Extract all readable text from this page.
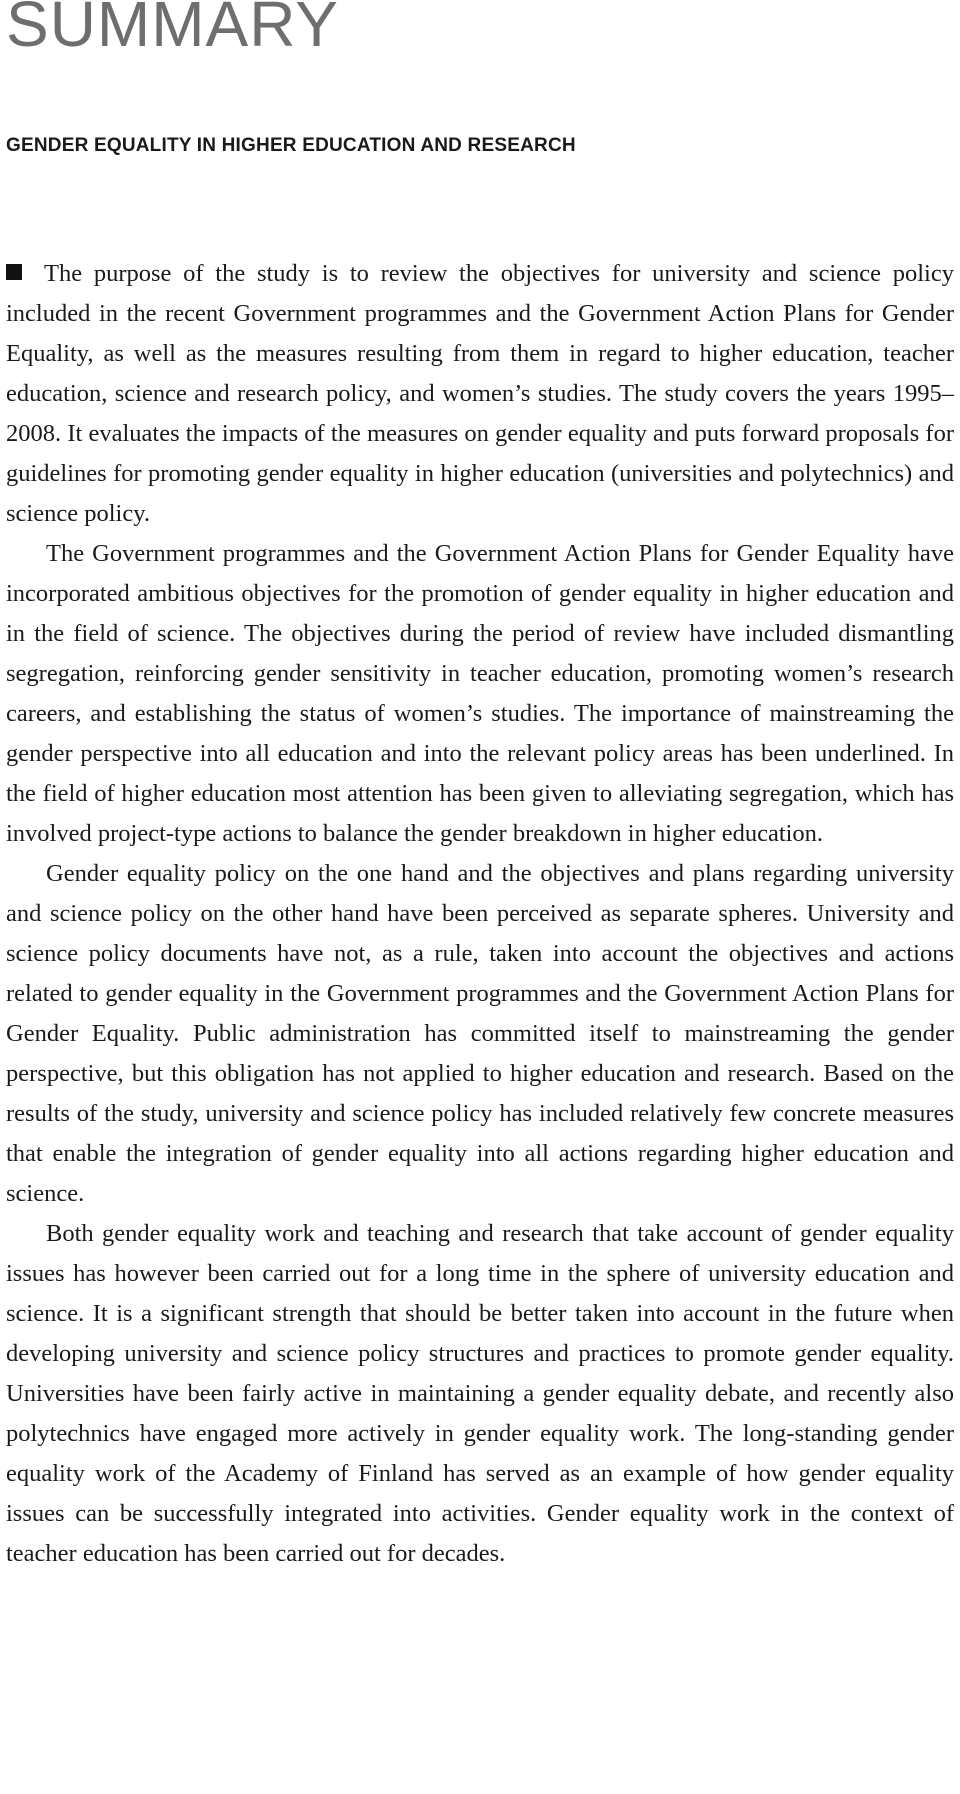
SUMMARY
GENDER EQUALITY IN HIGHER EDUCATION AND RESEARCH

The purpose of the study is to review the objectives for university and science policy included in the recent Government programmes and the Government Action Plans for Gender Equality, as well as the measures resulting from them in regard to higher education, teacher education, science and research policy, and women’s studies. The study covers the years 1995–2008. It evaluates the impacts of the measures on gender equality and puts forward proposals for guidelines for promoting gender equality in higher education (universities and polytechnics) and science policy.

The Government programmes and the Government Action Plans for Gender Equality have incorporated ambitious objectives for the promotion of gender equality in higher education and in the field of science. The objectives during the period of review have included dismantling segregation, reinforcing gender sensitivity in teacher education, promoting women’s research careers, and establishing the status of women’s studies. The importance of mainstreaming the gender perspective into all education and into the relevant policy areas has been underlined. In the field of higher education most attention has been given to alleviating segregation, which has involved project-type actions to balance the gender breakdown in higher education.

Gender equality policy on the one hand and the objectives and plans regarding university and science policy on the other hand have been perceived as separate spheres. University and science policy documents have not, as a rule, taken into account the objectives and actions related to gender equality in the Government programmes and the Government Action Plans for Gender Equality. Public administration has committed itself to mainstreaming the gender perspective, but this obligation has not applied to higher education and research. Based on the results of the study, university and science policy has included relatively few concrete measures that enable the integration of gender equality into all actions regarding higher education and science.

Both gender equality work and teaching and research that take account of gender equality issues has however been carried out for a long time in the sphere of university education and science. It is a significant strength that should be better taken into account in the future when developing university and science policy structures and practices to promote gender equality. Universities have been fairly active in maintaining a gender equality debate, and recently also polytechnics have engaged more actively in gender equality work. The long-standing gender equality work of the Academy of Finland has served as an example of how gender equality issues can be successfully integrated into activities. Gender equality work in the context of teacher education has been carried out for decades.
